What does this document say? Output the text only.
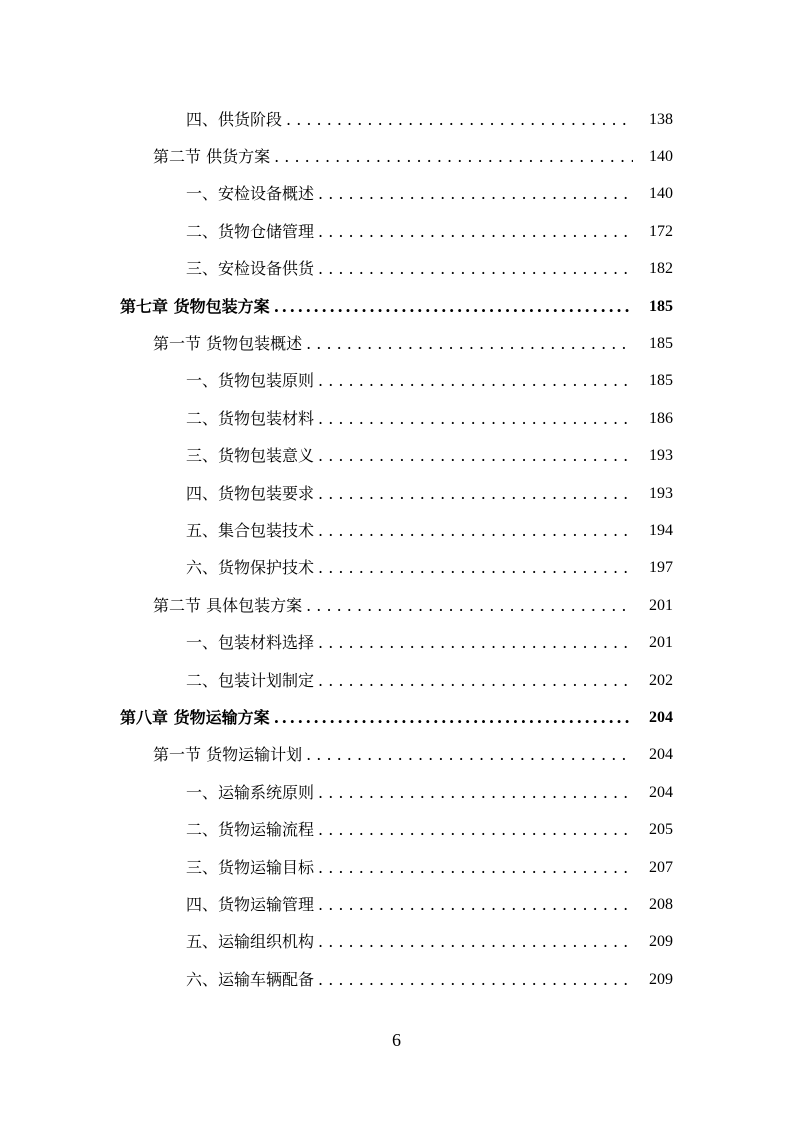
四、供货阶段 . . .	138
第二节 供货方案 . . .	140
一、安检设备概述 . . .	140
二、货物仓储管理 . . .	172
三、安检设备供货 . . .	182
第七章 货物包装方案 .....	185
第一节 货物包装概述 . . .	185
一、货物包装原则 . . .	185
二、货物包装材料 . . .	186
三、货物包装意义 . . .	193
四、货物包装要求 . . .	193
五、集合包装技术 . . .	194
六、货物保护技术 . . .	197
第二节 具体包装方案 . . .	201
一、包装材料选择 . . .	201
二、包装计划制定 . . .	202
第八章 货物运输方案 .....	204
第一节 货物运输计划 . . .	204
一、运输系统原则 . . .	204
二、货物运输流程 . . .	205
三、货物运输目标 . . .	207
四、货物运输管理 . . .	208
五、运输组织机构 . . .	209
六、运输车辆配备 . . .	209
6
